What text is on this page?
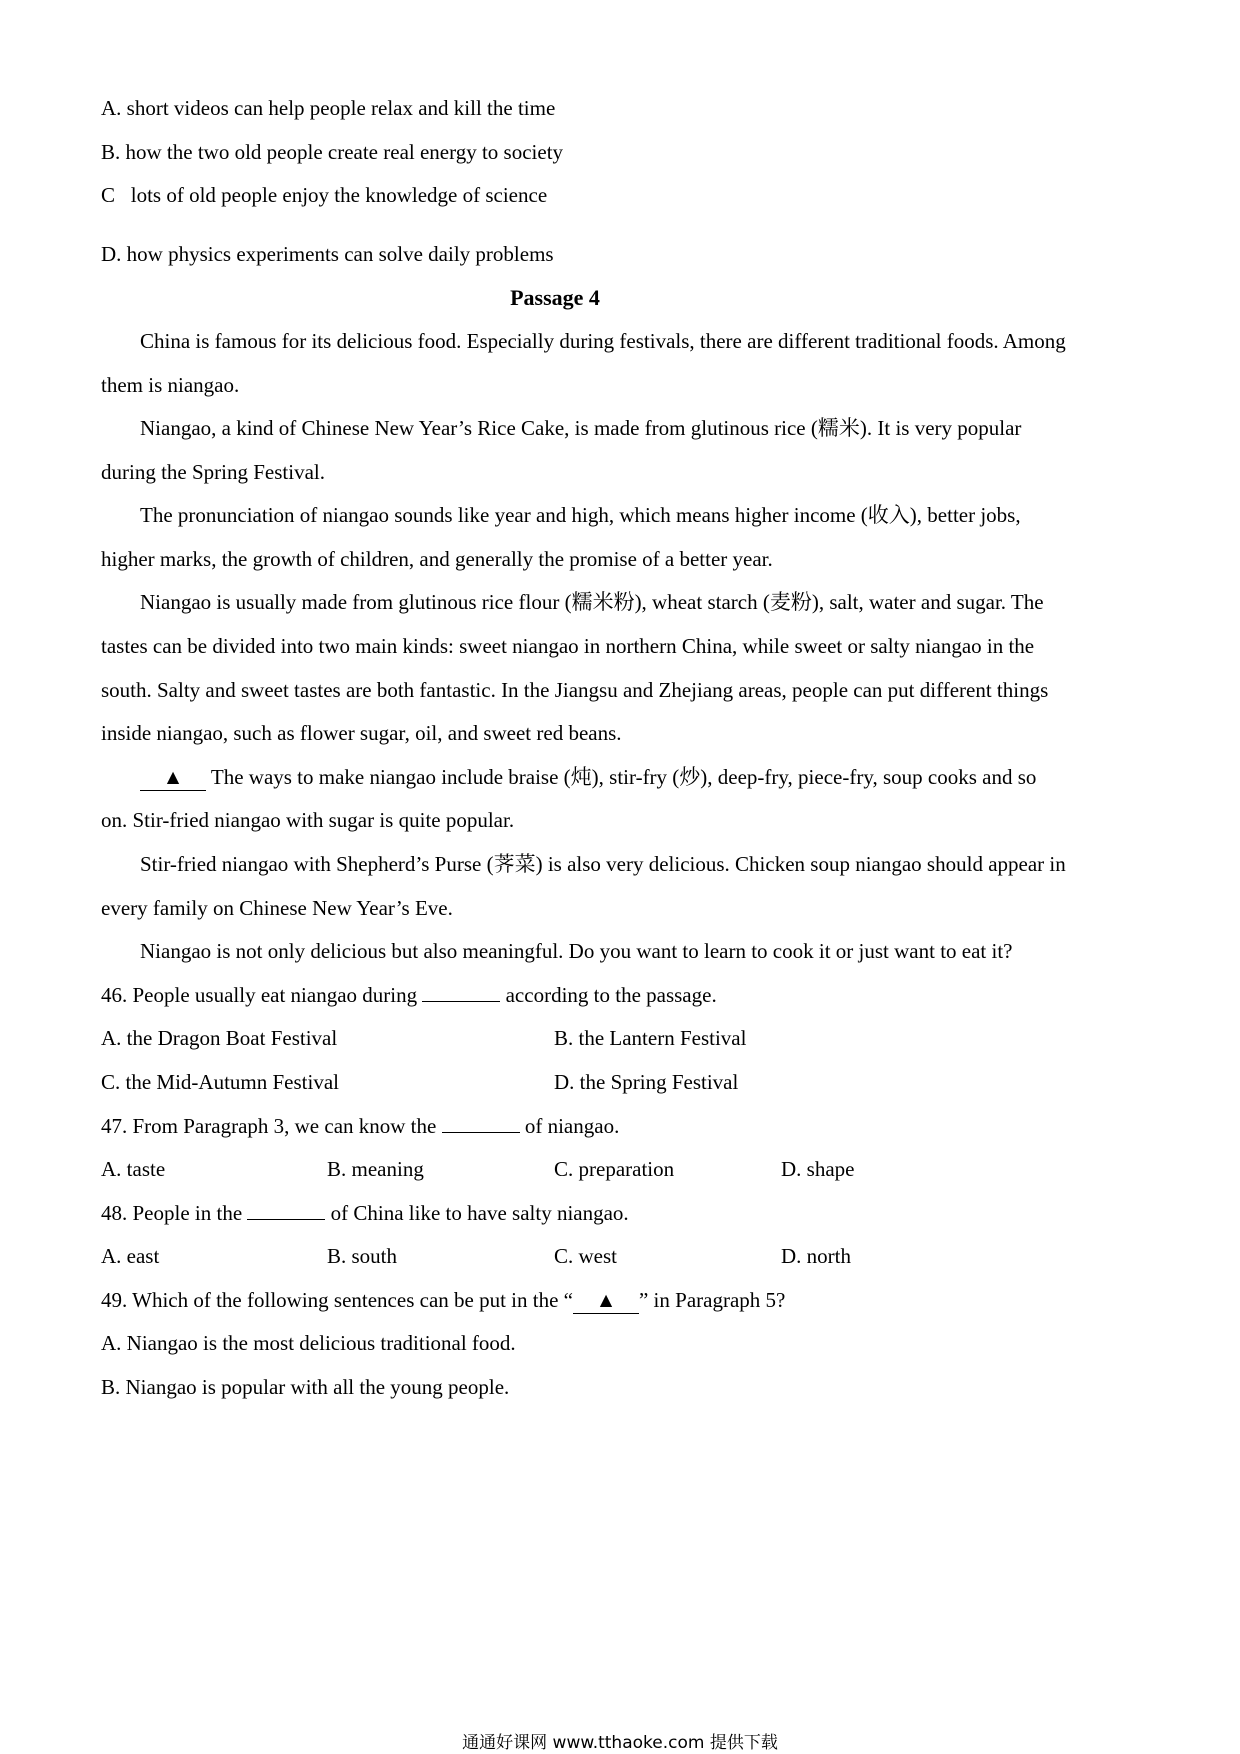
A. short videos can help people relax and kill the time
B. how the two old people create real energy to society
C   lots of old people enjoy the knowledge of science
D. how physics experiments can solve daily problems
Passage 4
China is famous for its delicious food. Especially during festivals, there are different traditional foods. Among
them is niangao.
Niangao, a kind of Chinese New Year’s Rice Cake, is made from glutinous rice (糯米). It is very popular
during the Spring Festival.
The pronunciation of niangao sounds like year and high, which means higher income (收入), better jobs,
higher marks, the growth of children, and generally the promise of a better year.
Niangao is usually made from glutinous rice flour (糯米粉), wheat starch (麦粉), salt, water and sugar. The
tastes can be divided into two main kinds: sweet niangao in northern China, while sweet or salty niangao in the
south. Salty and sweet tastes are both fantastic. In the Jiangsu and Zhejiang areas, people can put different things
inside niangao, such as flower sugar, oil, and sweet red beans.
▲ The ways to make niangao include braise (炖), stir-fry (炒), deep-fry, piece-fry, soup cooks and so
on. Stir-fried niangao with sugar is quite popular.
Stir-fried niangao with Shepherd’s Purse (荠菜) is also very delicious. Chicken soup niangao should appear in
every family on Chinese New Year’s Eve.
Niangao is not only delicious but also meaningful. Do you want to learn to cook it or just want to eat it?
46. People usually eat niangao during	according to the passage.
A. the Dragon Boat Festival	B. the Lantern Festival
C. the Mid-Autumn Festival	D. the Spring Festival
47. From Paragraph 3, we can know the	of niangao.
A. taste	B. meaning	C. preparation	D. shape
48. People in the	of China like to have salty niangao.
A. east	B. south	C. west	D. north
49. Which of the following sentences can be put in the “ ▲ ” in Paragraph 5?
A. Niangao is the most delicious traditional food.
B. Niangao is popular with all the young people.
通通好课网 www.tthaoke.com 提供下载
